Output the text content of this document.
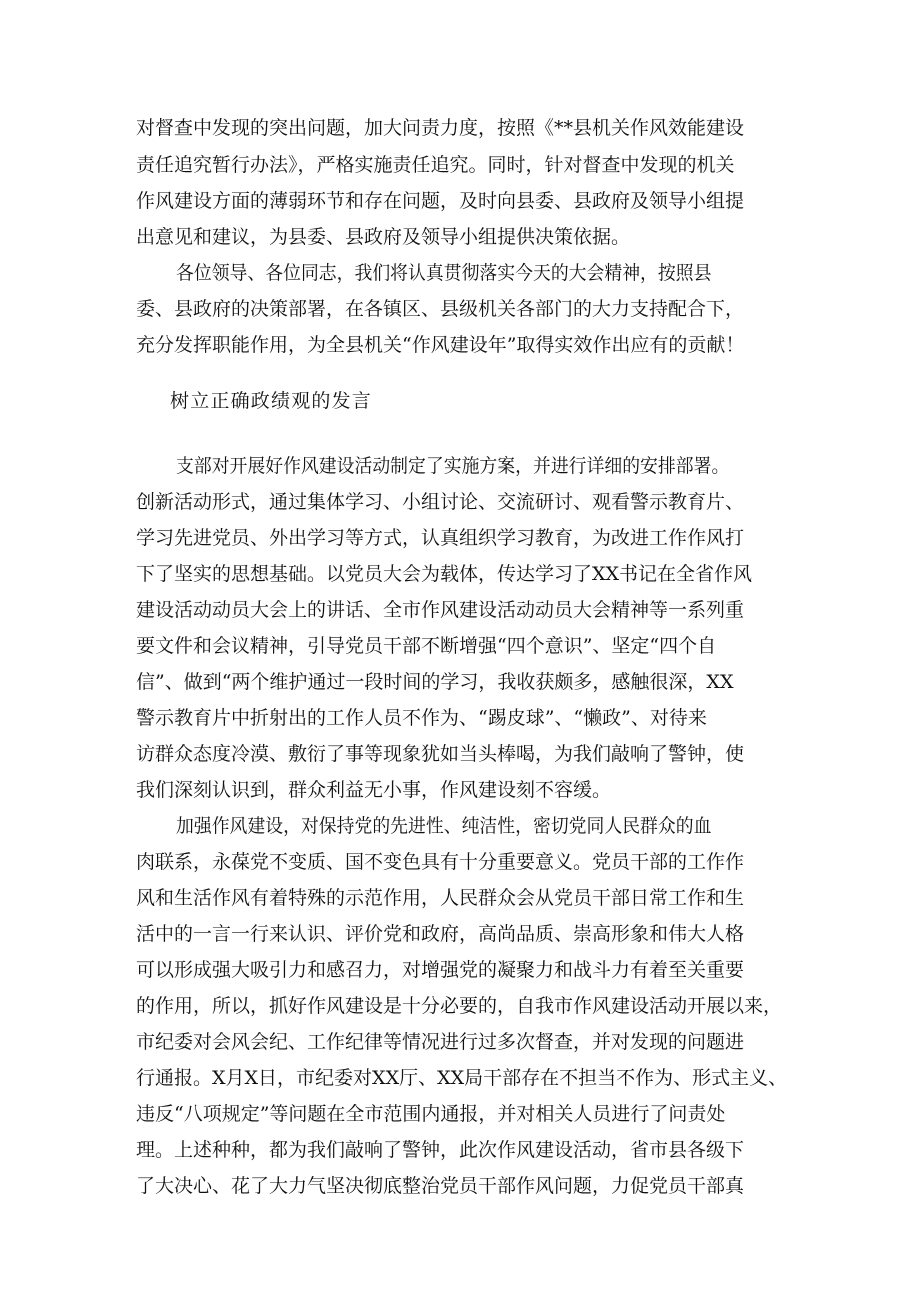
对督查中发现的突出问题，加大问责力度，按照《**县机关作风效能建设
责任追究暂行办法》，严格实施责任追究。同时，针对督查中发现的机关
作风建设方面的薄弱环节和存在问题，及时向县委、县政府及领导小组提
出意见和建议，为县委、县政府及领导小组提供决策依据。
各位领导、各位同志，我们将认真贯彻落实今天的大会精神，按照县
委、县政府的决策部署，在各镇区、县级机关各部门的大力支持配合下，
充分发挥职能作用，为全县机关“作风建设年”取得实效作出应有的贡献！
树立正确政绩观的发言
支部对开展好作风建设活动制定了实施方案，并进行详细的安排部署。
创新活动形式，通过集体学习、小组讨论、交流研讨、观看警示教育片、
学习先进党员、外出学习等方式，认真组织学习教育，为改进工作作风打
下了坚实的思想基础。以党员大会为载体，传达学习了XX书记在全省作风
建设活动动员大会上的讲话、全市作风建设活动动员大会精神等一系列重
要文件和会议精神，引导党员干部不断增强“四个意识”、坚定“四个自
信”、做到“两个维护通过一段时间的学习，我收获颇多，感触很深，XX
警示教育片中折射出的工作人员不作为、“踢皮球”、“懒政”、对待来
访群众态度冷漠、敷衍了事等现象犹如当头棒喝，为我们敲响了警钟，使
我们深刻认识到，群众利益无小事，作风建设刻不容缓。
加强作风建设，对保持党的先进性、纯洁性，密切党同人民群众的血
肉联系，永葆党不变质、国不变色具有十分重要意义。党员干部的工作作
风和生活作风有着特殊的示范作用，人民群众会从党员干部日常工作和生
活中的一言一行来认识、评价党和政府，高尚品质、崇高形象和伟大人格
可以形成强大吸引力和感召力，对增强党的凝聚力和战斗力有着至关重要
的作用，所以，抓好作风建设是十分必要的，自我市作风建设活动开展以来，
市纪委对会风会纪、工作纪律等情况进行过多次督查，并对发现的问题进
行通报。X月X日，市纪委对XX厅、XX局干部存在不担当不作为、形式主义、
违反“八项规定”等问题在全市范围内通报，并对相关人员进行了问责处
理。上述种种，都为我们敲响了警钟，此次作风建设活动，省市县各级下
了大决心、花了大力气坚决彻底整治党员干部作风问题，力促党员干部真
